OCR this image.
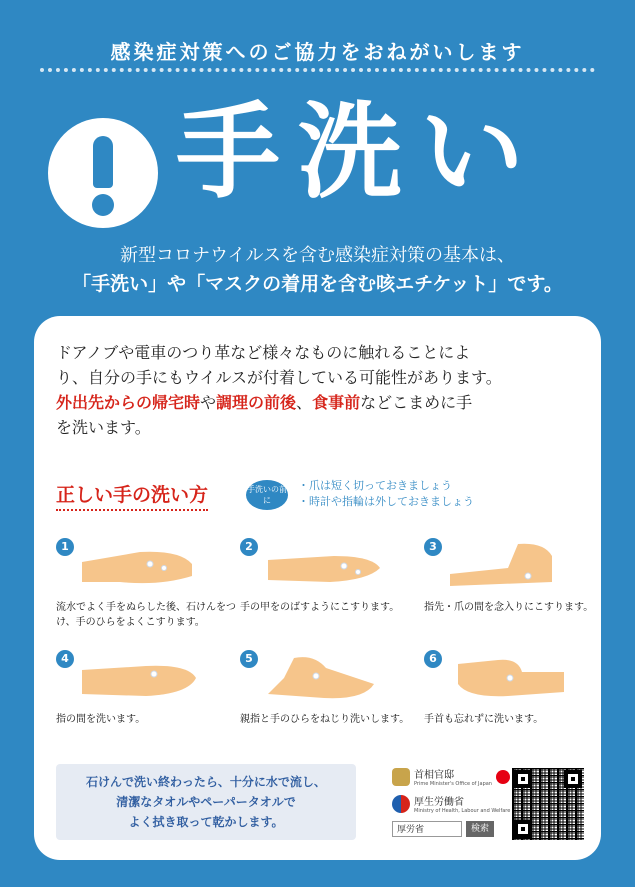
感染症対策へのご協力をおねがいします
手洗い
新型コロナウイルスを含む感染症対策の基本は、
「手洗い」や「マスクの着用を含む咳エチケット」です。
ドアノブや電車のつり革など様々なものに触れることによ
り、自分の手にもウイルスが付着している可能性があります。
外出先からの帰宅時や調理の前後、食事前などこまめに手
を洗います。
正しい手の洗い方	手洗いの前に
・爪は短く切っておきましょう
・時計や指輪は外しておきましょう
1
流水でよく手をぬらした後、石けんをつけ、手のひらをよくこすります。
2
手の甲をのばすようにこすります。
3
指先・爪の間を念入りにこすります。
4
指の間を洗います。
5
親指と手のひらをねじり洗いします。
6
手首も忘れずに洗います。
石けんで洗い終わったら、十分に水で流し、
清潔なタオルやペーパータオルで
よく拭き取って乾かします。
首相官邸
Prime Minister's Office of Japan
厚生労働省
Ministry of Health, Labour and Welfare
厚労省	検索
